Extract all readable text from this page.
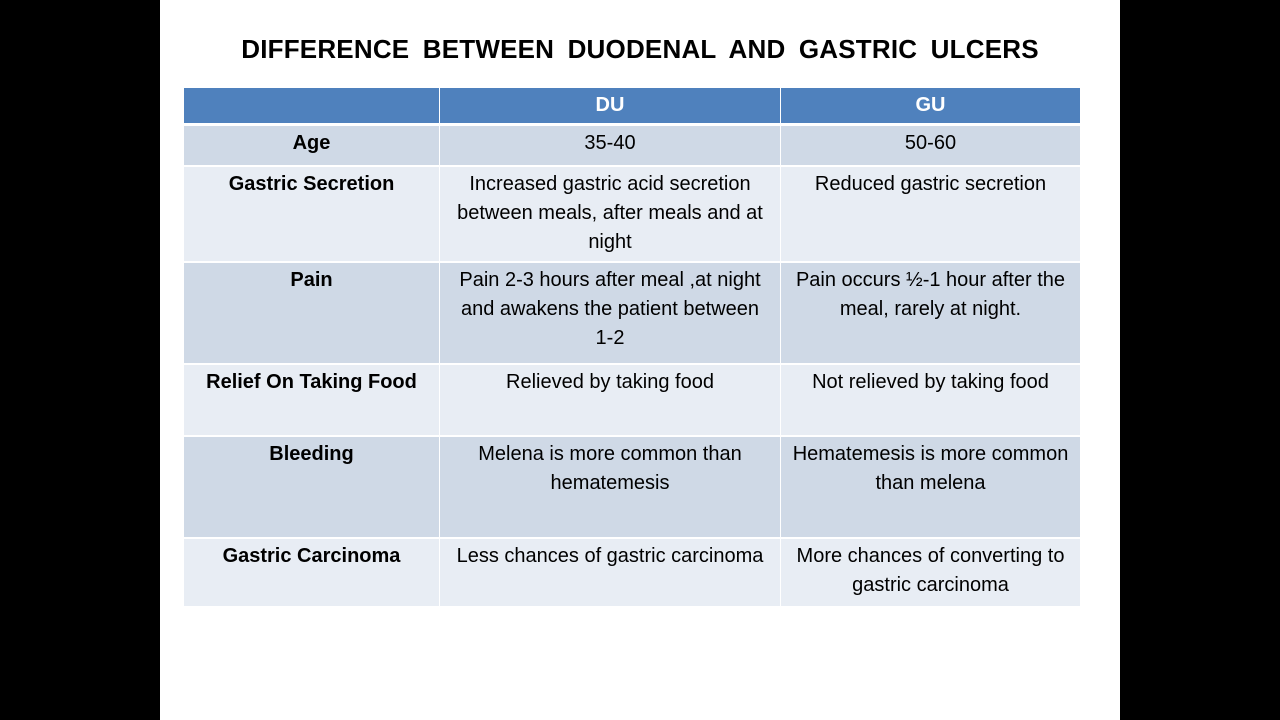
DIFFERENCE BETWEEN DUODENAL AND GASTRIC ULCERS
	DU	GU
Age	35-40	50-60
Gastric Secretion	Increased gastric acid secretion between meals, after meals and at night	Reduced gastric secretion
Pain	Pain 2-3 hours after meal ,at night and awakens the patient between 1-2	Pain occurs ½-1 hour after the meal, rarely at night.
Relief On Taking Food	Relieved by taking food	Not relieved by taking food
Bleeding	Melena is more common than hematemesis	Hematemesis is more common than melena
Gastric Carcinoma	Less chances of gastric carcinoma	More chances of converting to gastric carcinoma
